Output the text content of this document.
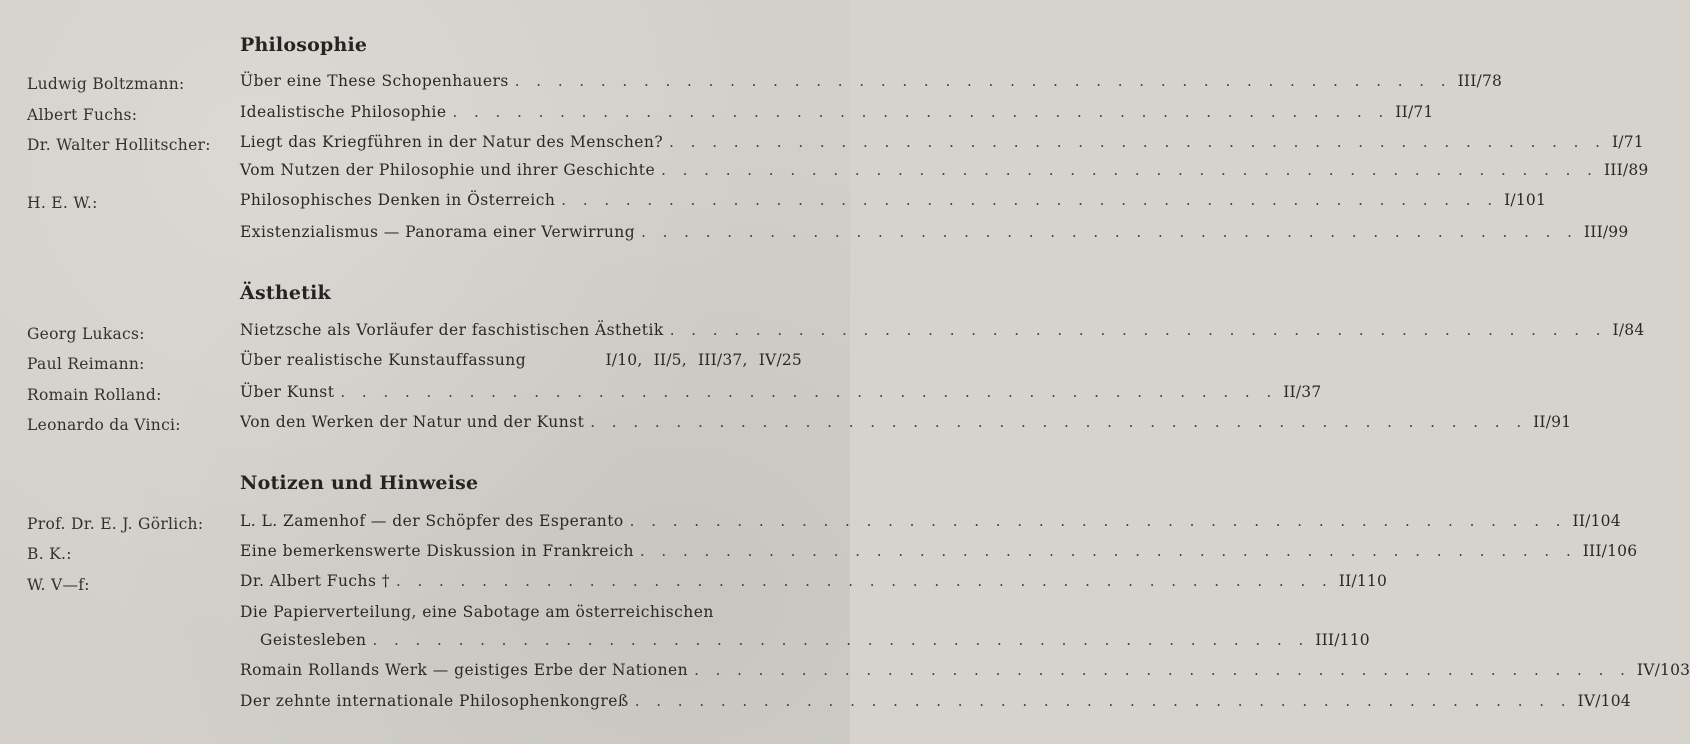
Philosophie
Ludwig Boltzmann:
Albert Fuchs:
Dr. Walter Hollitscher:
H. E. W.:
Über eine These Schopenhauers . . . . . . . . . . . . . . . . . . . . . . . . . . . . . . . . . . . . . . . . . . . . III/78
Idealistische Philosophie . . . . . . . . . . . . . . . . . . . . . . . . . . . . . . . . . . . . . . . . . . . . II/71
Liegt das Kriegführen in der Natur des Menschen? . . . . . . . . . . . . . . . . . . . . . . . . . . . . . . . . . . . . . . . . . . . . I/71
Vom Nutzen der Philosophie und ihrer Geschichte . . . . . . . . . . . . . . . . . . . . . . . . . . . . . . . . . . . . . . . . . . . . III/89
Philosophisches Denken in Österreich . . . . . . . . . . . . . . . . . . . . . . . . . . . . . . . . . . . . . . . . . . . . I/101
Existenzialismus — Panorama einer Verwirrung . . . . . . . . . . . . . . . . . . . . . . . . . . . . . . . . . . . . . . . . . . . . III/99
Ästhetik
Georg Lukacs:
Paul Reimann:
Romain Rolland:
Leonardo da Vinci:
Nietzsche als Vorläufer der faschistischen Ästhetik . . . . . . . . . . . . . . . . . . . . . . . . . . . . . . . . . . . . . . . . . . . . I/84
Über realistische Kunstauffassung	I/10, II/5, III/37, IV/25
Über Kunst . . . . . . . . . . . . . . . . . . . . . . . . . . . . . . . . . . . . . . . . . . . . II/37
Von den Werken der Natur und der Kunst . . . . . . . . . . . . . . . . . . . . . . . . . . . . . . . . . . . . . . . . . . . . II/91
Notizen und Hinweise
Prof. Dr. E. J. Görlich:
B. K.:
W. V—f:
L. L. Zamenhof — der Schöpfer des Esperanto . . . . . . . . . . . . . . . . . . . . . . . . . . . . . . . . . . . . . . . . . . . . II/104
Eine bemerkenswerte Diskussion in Frankreich . . . . . . . . . . . . . . . . . . . . . . . . . . . . . . . . . . . . . . . . . . . . III/106
Dr. Albert Fuchs † . . . . . . . . . . . . . . . . . . . . . . . . . . . . . . . . . . . . . . . . . . . . II/110
Die Papierverteilung, eine Sabotage am österreichischen
Geistesleben . . . . . . . . . . . . . . . . . . . . . . . . . . . . . . . . . . . . . . . . . . . . III/110
Romain Rollands Werk — geistiges Erbe der Nationen . . . . . . . . . . . . . . . . . . . . . . . . . . . . . . . . . . . . . . . . . . . . IV/103
Der zehnte internationale Philosophenkongreß . . . . . . . . . . . . . . . . . . . . . . . . . . . . . . . . . . . . . . . . . . . . IV/104
